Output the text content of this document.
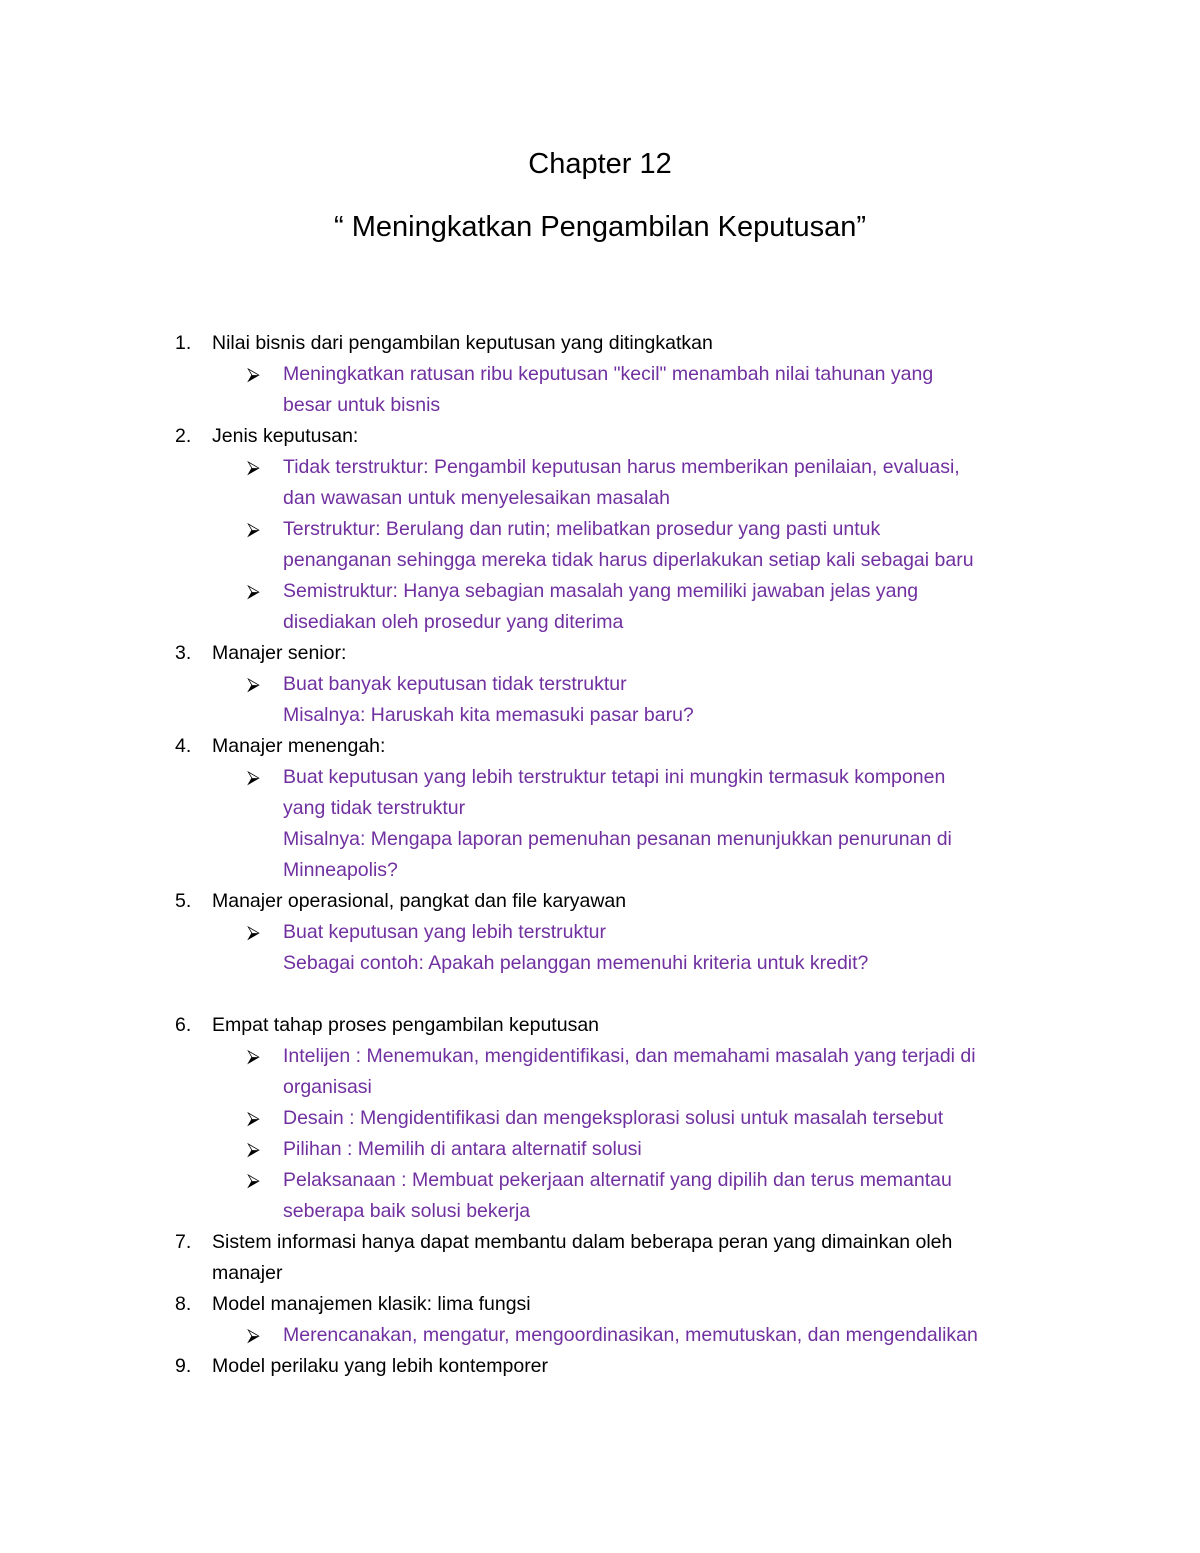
Chapter 12
“ Meningkatkan Pengambilan Keputusan”
1.	Nilai bisnis dari pengambilan keputusan yang ditingkatkan
⮚	Meningkatkan ratusan ribu keputusan "kecil" menambah nilai tahunan yang
besar untuk bisnis
2.	Jenis keputusan:
⮚	Tidak terstruktur: Pengambil keputusan harus memberikan penilaian, evaluasi,
dan wawasan untuk menyelesaikan masalah
⮚	Terstruktur: Berulang dan rutin; melibatkan prosedur yang pasti untuk
penanganan sehingga mereka tidak harus diperlakukan setiap kali sebagai baru
⮚	Semistruktur: Hanya sebagian masalah yang memiliki jawaban jelas yang
disediakan oleh prosedur yang diterima
3.	Manajer senior:
⮚	Buat banyak keputusan tidak terstruktur
Misalnya: Haruskah kita memasuki pasar baru?
4.	Manajer menengah:
⮚	Buat keputusan yang lebih terstruktur tetapi ini mungkin termasuk komponen
yang tidak terstruktur
Misalnya: Mengapa laporan pemenuhan pesanan menunjukkan penurunan di
Minneapolis?
5.	Manajer operasional, pangkat dan file karyawan
⮚	Buat keputusan yang lebih terstruktur
Sebagai contoh: Apakah pelanggan memenuhi kriteria untuk kredit?
6.	Empat tahap proses pengambilan keputusan
⮚	Intelijen : Menemukan, mengidentifikasi, dan memahami masalah yang terjadi di
organisasi
⮚	Desain : Mengidentifikasi dan mengeksplorasi solusi untuk masalah tersebut
⮚	Pilihan : Memilih di antara alternatif solusi
⮚	Pelaksanaan : Membuat pekerjaan alternatif yang dipilih dan terus memantau
seberapa baik solusi bekerja
7.	Sistem informasi hanya dapat membantu dalam beberapa peran yang dimainkan oleh
manajer
8.	Model manajemen klasik: lima fungsi
⮚	Merencanakan, mengatur, mengoordinasikan, memutuskan, dan mengendalikan
9.	Model perilaku yang lebih kontemporer
